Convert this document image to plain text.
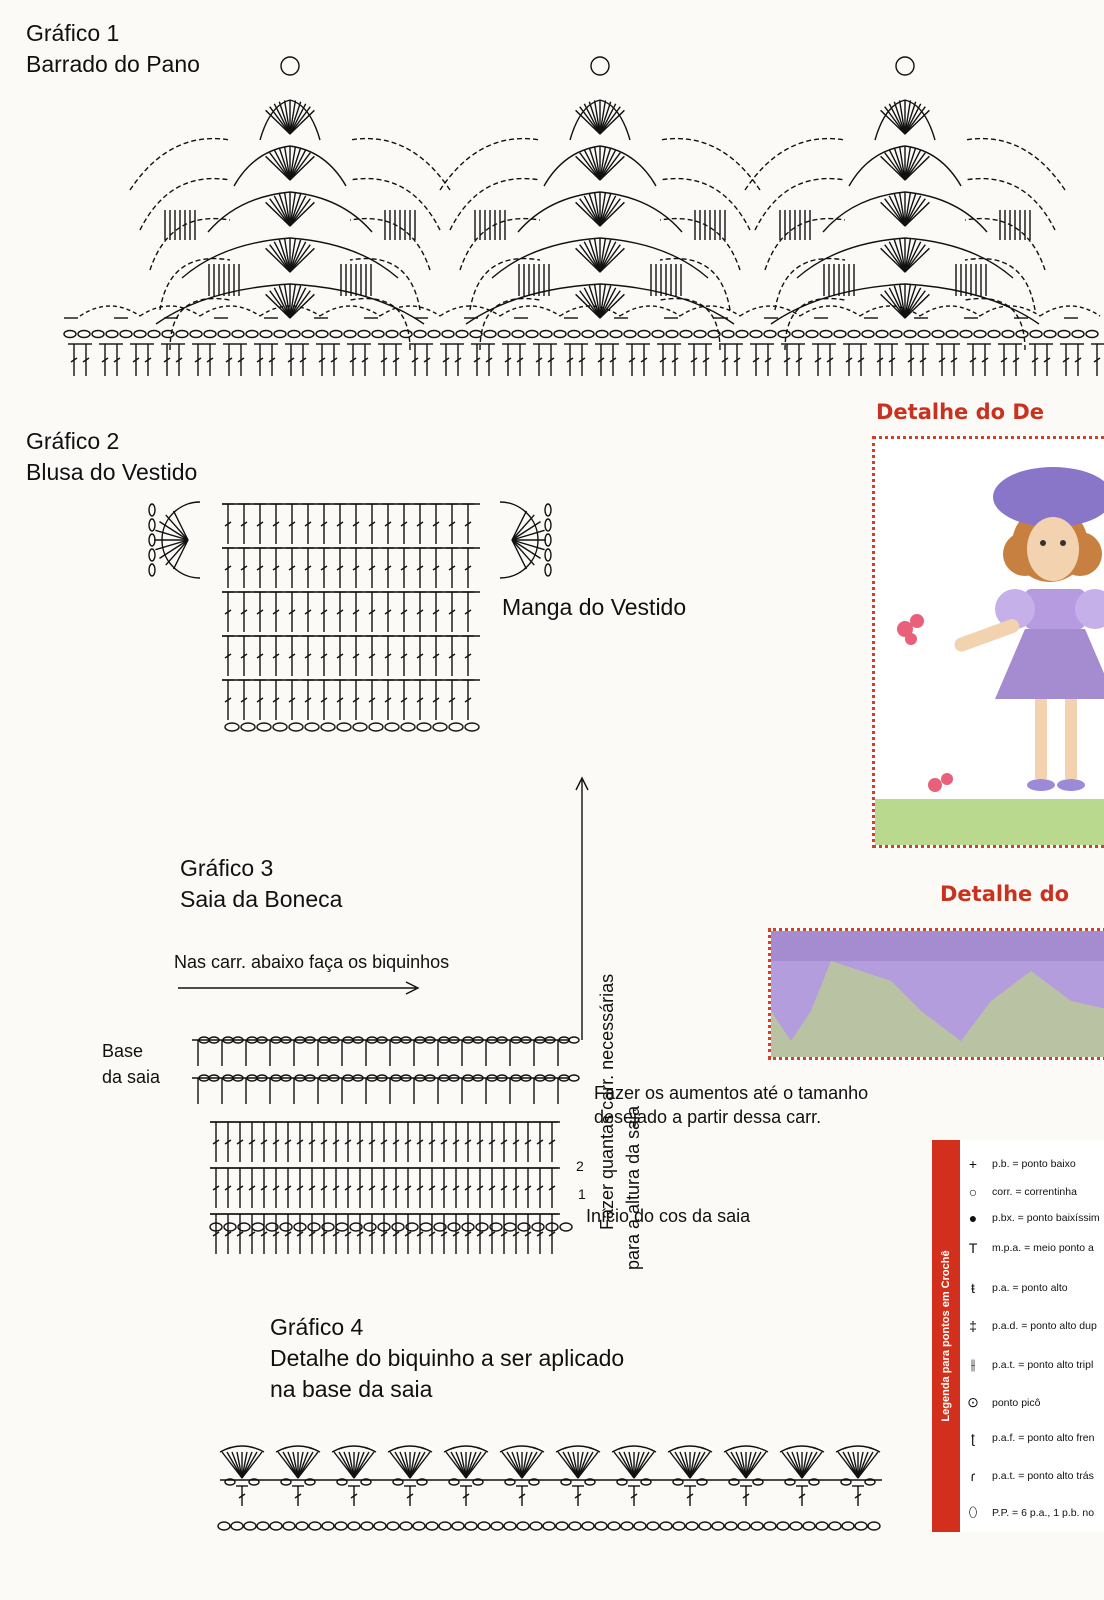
Gráfico 1
Barrado do Pano
Gráfico 2
Blusa do Vestido
Manga do Vestido
Gráfico 3
Saia da Boneca
Nas carr. abaixo faça os biquinhos
Fazer quantas carr. necessárias para a altura da saia
Base
da saia
Fazer os aumentos até o tamanho
desejado a partir dessa carr.
2
1
Início do cos da saia
Gráfico 4
Detalhe do biquinho a ser aplicado
na base da saia
Detalhe do De
Detalhe do
Legenda para pontos em Crochê
+	p.b. = ponto baixo
○	corr. = correntinha
●	p.bx. = ponto baixíssim
T	m.p.a. = meio ponto a
ŧ	p.a. = ponto alto
‡	p.a.d. = ponto alto dup
⫲	p.a.t. = ponto alto tripl
⊙	ponto picô
ʈ	p.a.f. = ponto alto fren
ɾ	p.a.t. = ponto alto trás
⬯	P.P. = 6 p.a., 1 p.b. no
